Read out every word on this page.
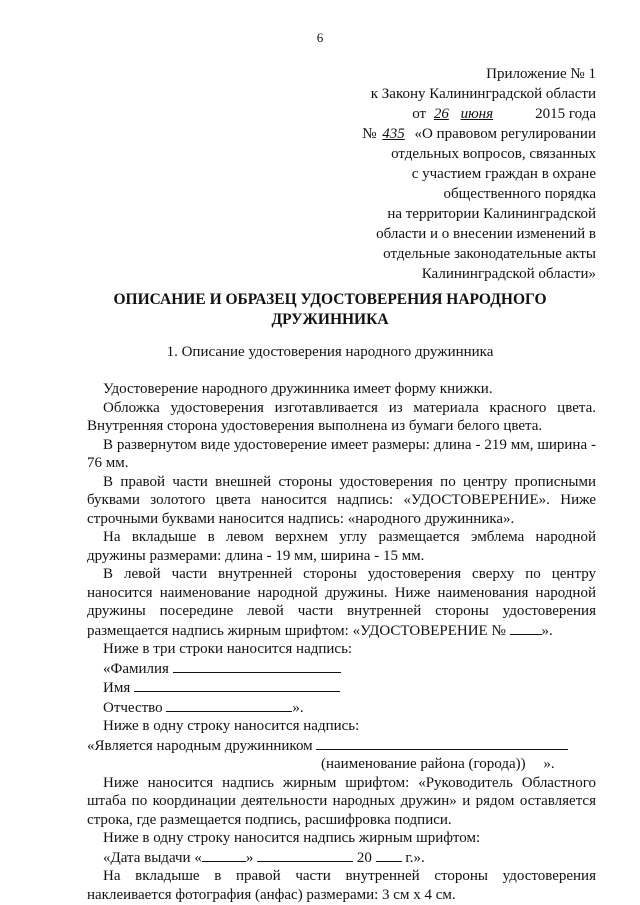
6
Приложение № 1
к Закону Калининградской области
от 26 июня	2015 года
№ 435 «О правовом регулировании
отдельных вопросов, связанных
с участием граждан в охране
общественного порядка
на территории Калининградской
области и о внесении изменений в
отдельные законодательные акты
Калининградской области»
ОПИСАНИЕ И ОБРАЗЕЦ УДОСТОВЕРЕНИЯ НАРОДНОГО
ДРУЖИННИКА
1. Описание удостоверения народного дружинника

Удостоверение народного дружинника имеет форму книжки.

Обложка удостоверения изготавливается из материала красного цвета. Внутренняя сторона удостоверения выполнена из бумаги белого цвета.

В развернутом виде удостоверение имеет размеры: длина - 219 мм, ширина - 76 мм.

В правой части внешней стороны удостоверения по центру прописными буквами золотого цвета наносится надпись: «УДОСТОВЕРЕНИЕ». Ниже строчными буквами наносится надпись: «народного дружинника».

На вкладыше в левом верхнем углу размещается эмблема народной дружины размерами: длина - 19 мм, ширина - 15 мм.

В левой части внутренней стороны удостоверения сверху по центру наносится наименование народной дружины. Ниже наименования народной дружины посередине левой части внутренней стороны удостоверения размещается надпись жирным шрифтом: «УДОСТОВЕРЕНИЕ № ».

Ниже в три строки наносится надпись:

«Фамилия
Имя
Отчество	».

Ниже в одну строку наносится надпись:

«Является народным дружинником
(наименование района (города)) ».

Ниже наносится надпись жирным шрифтом: «Руководитель Областного штаба по координации деятельности народных дружин» и рядом оставляется строка, где размещается подпись, расшифровка подписи.

Ниже в одну строку наносится надпись жирным шрифтом:

«Дата выдачи «	»	20 г.».

На вкладыше в правой части внутренней стороны удостоверения наклеивается фотография (анфас) размерами: 3 см х 4 см.
